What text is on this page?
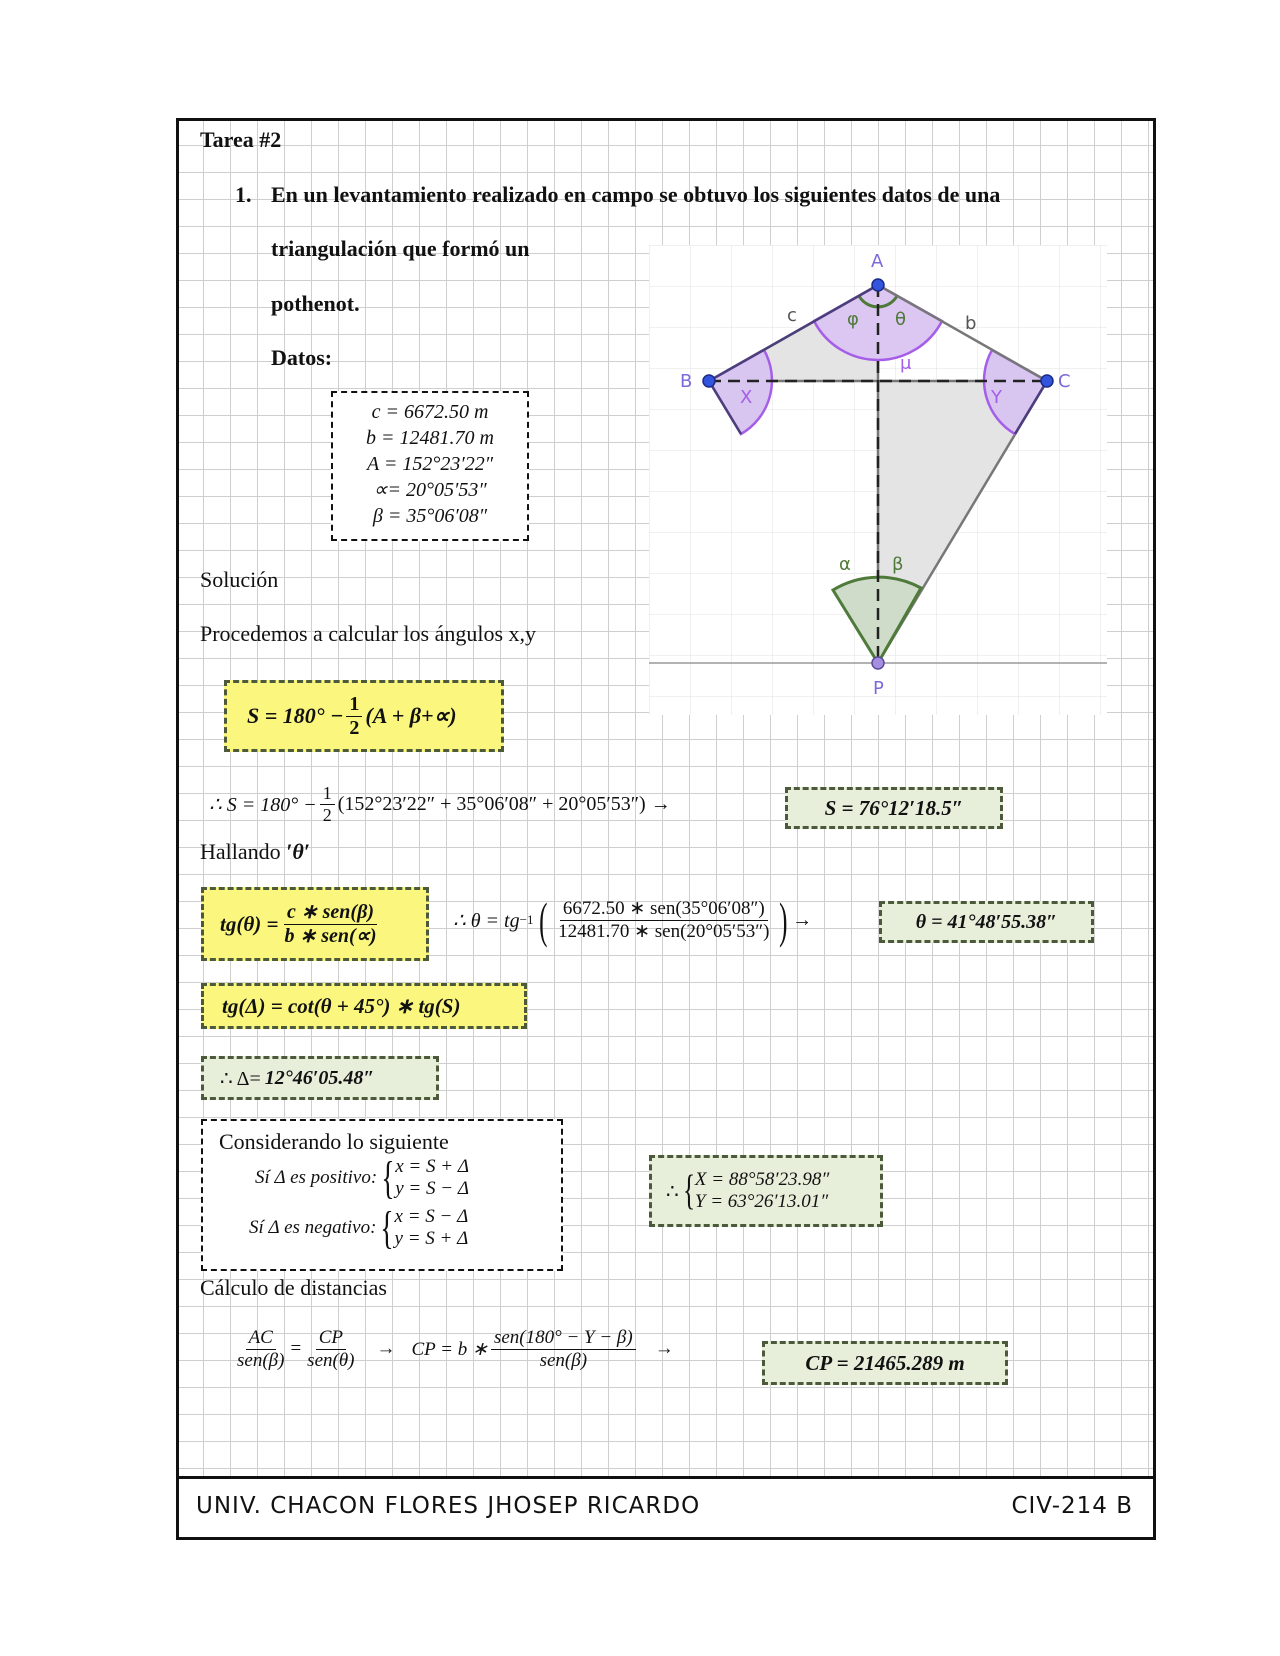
Tarea #2
1. En un levantamiento realizado en campo se obtuvo los siguientes datos de una
triangulación que formó un
pothenot.
Datos:
c = 6672.50 m
b = 12481.70 m
A = 152°23′22″
∝= 20°05′53″
β = 35°06′08″
A
B	C
P
c	b
φ θ
μ
X	Y
α β
Solución
Procedemos a calcular los ángulos x,y
$S = 180^\circ - \frac{1}{2} (A + \beta+\propto)$
∴ $S = 180^\circ - \frac{1}{2} (152^\circ 23'22'' + 35^\circ 06'08'' + 20^\circ 05'53'')$ →	S = 76°12′18.5″
Hallando ′θ′
$tg(\theta) = \frac{\text{c ∗ sen(β)}}{\text{b ∗ sen(∝)}}$	∴ θ = tg −1 ( $\frac{\text{6672.50 ∗ sen(35°06′08″)}}{\text{12481.70 ∗ sen(20°05′53″)}}$ ) →	θ = 41°48′55.38″
tg(Δ) = cot(θ + 45°) ∗ tg(S)
∴ Δ= 12°46′05.48″
Considerando lo siguiente
Sí Δ es positivo: { x = S + Δ
y = S − Δ
Sí Δ es negativo: { x = S − Δ
y = S + Δ
∴ { X = 88°58′23.98″
Y = 63°26′13.01″
Cálculo de distancias
$\frac{AC}{\text{sen(β)}} = \frac{CP}{\text{sen(θ)}}$ → CP = b ∗ $\frac{\text{sen(180° − Y − β)}}{\text{sen(β)}}$ →
CP = 21465.289 m
UNIV. CHACON FLORES JHOSEP RICARDO	CIV-214 B
